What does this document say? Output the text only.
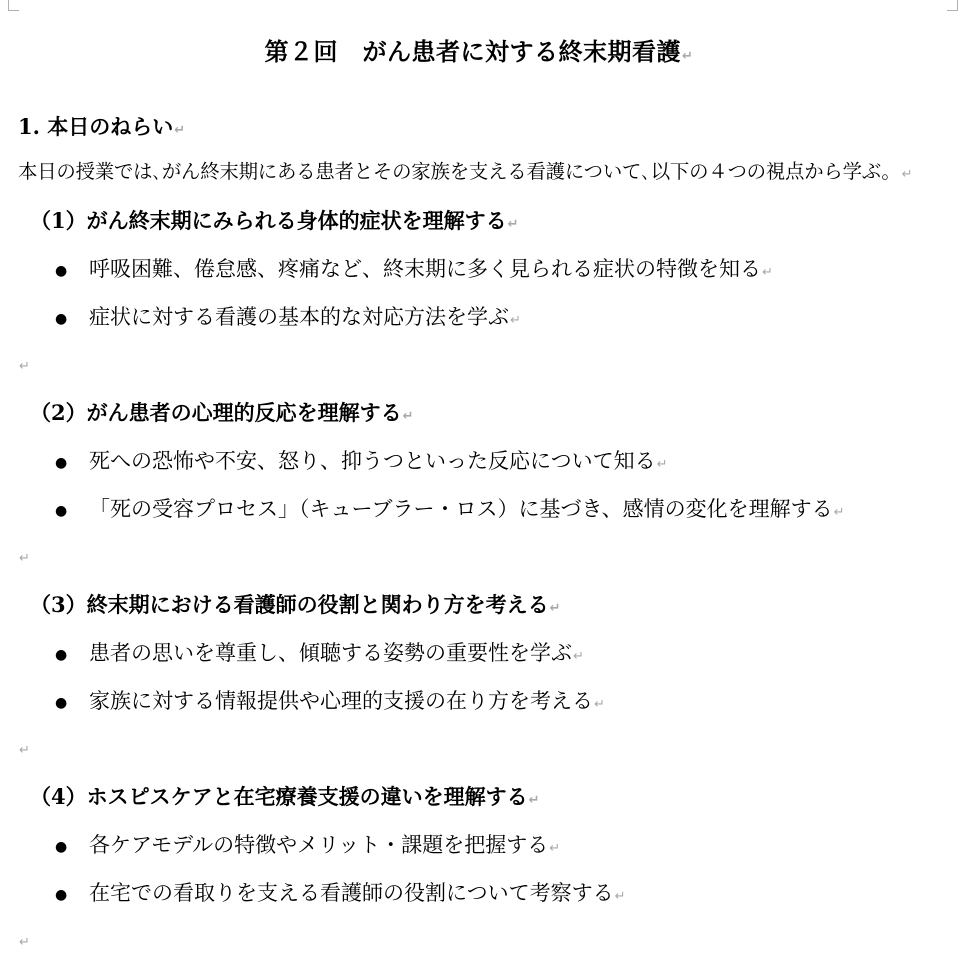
第２回　がん患者に対する終末期看護↵
1. 本日のねらい↵
本日の授業では､がん終末期にある患者とその家族を支える看護について､以下の４つの視点から学ぶ。↵
（1）がん終末期にみられる身体的症状を理解する↵
● 呼吸困難、倦怠感、疼痛など、終末期に多く見られる症状の特徴を知る↵
● 症状に対する看護の基本的な対応方法を学ぶ↵
↵
（2）がん患者の心理的反応を理解する↵
● 死への恐怖や不安、怒り、抑うつといった反応について知る↵
● 「死の受容プロセス」（キューブラー・ロス）に基づき、感情の変化を理解する↵
↵
（3）終末期における看護師の役割と関わり方を考える↵
● 患者の思いを尊重し、傾聴する姿勢の重要性を学ぶ↵
● 家族に対する情報提供や心理的支援の在り方を考える↵
↵
（4）ホスピスケアと在宅療養支援の違いを理解する↵
● 各ケアモデルの特徴やメリット・課題を把握する↵
● 在宅での看取りを支える看護師の役割について考察する↵
↵
